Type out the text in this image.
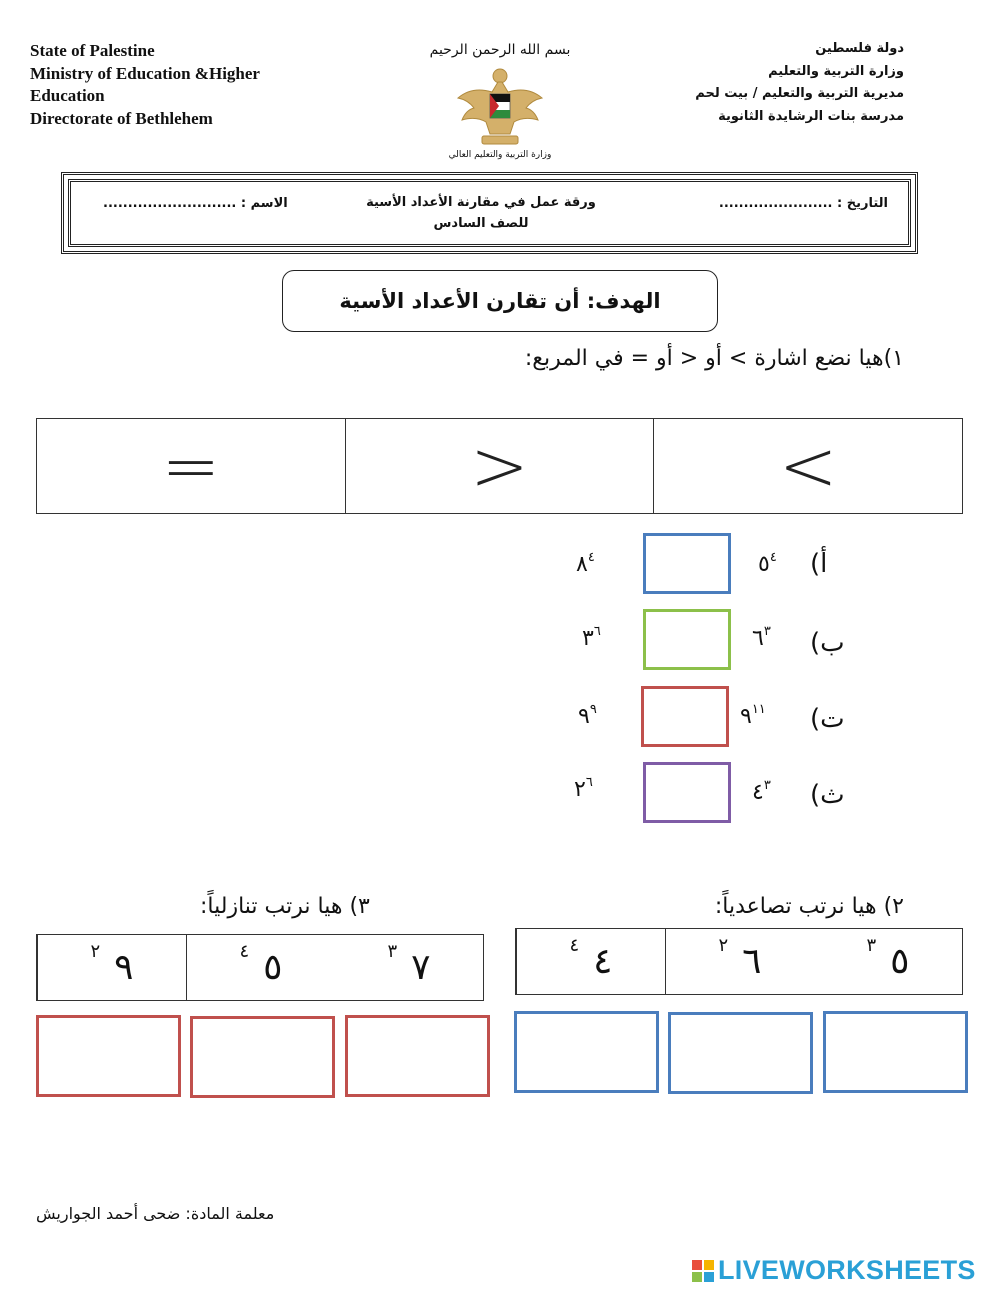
State of Palestine
Ministry of Education &Higher
Education
Directorate of Bethlehem
بسم الله الرحمن الرحيم
وزارة التربية والتعليم العالي
دولة فلسطين
وزارة التربية والتعليم
مديرية التربية والتعليم / بيت لحم
مدرسة بنات الرشايدة الثانوية
التاريخ : .......................
ورقة عمل في مقارنة الأعداد الأسية
للصف السادس
الاسم : ...........................
الهدف: أن تقارن الأعداد الأسية
١)هيا نضع اشارة > أو < أو = في المربع:
=	>	<
أ)
$٥^٤$
$٨^٤$
ب)
$٦^٣$
$٣^٦$
ت)
$٩^{١١}$
$٩^٩$
ث)
$٤^٣$
$٢^٦$
٣) هيا نرتب تنازلياً:
٧
$^٣$
٥
$^٤$
٩
$^٢$
٢) هيا نرتب تصاعدياً:
٥
$^٣$
٦
$^٢$
٤
$^٤$
معلمة المادة: ضحى أحمد الجواريش
LIVEWORKSHEETS
